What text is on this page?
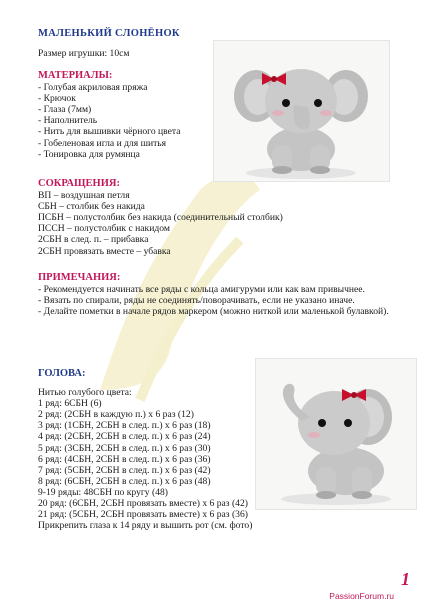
МАЛЕНЬКИЙ СЛОНЁНОК
Размер игрушки: 10см
МАТЕРИАЛЫ:
- Голубая акриловая пряжа
- Крючок
- Глаза (7мм)
- Наполнитель
- Нить для вышивки чёрного цвета
- Гобеленовая игла и для шитья
- Тонировка для румянца
СОКРАЩЕНИЯ:
ВП – воздушная петля
СБН – столбик без накида
ПСБН – полустолбик без накида (соединительный столбик)
ПССН – полустолбик с накидом
2СБН в след. п. – прибавка
2СБН провязать вместе – убавка
ПРИМЕЧАНИЯ:
- Рекомендуется начинать все ряды с кольца амигуруми или как вам привычнее.
- Вязать по спирали, ряды не соединять/поворачивать, если не указано иначе.
- Делайте пометки в начале рядов маркером (можно ниткой или маленькой булавкой).
ГОЛОВА:
Нитью голубого цвета:
1 ряд: 6СБН (6)
2 ряд: (2СБН в каждую п.) х 6 раз (12)
3 ряд: (1СБН, 2СБН в след. п.) х 6 раз (18)
4 ряд: (2СБН, 2СБН в след. п.) х 6 раз (24)
5 ряд: (3СБН, 2СБН в след. п.) х 6 раз (30)
6 ряд: (4СБН, 2СБН в след. п.) х 6 раз (36)
7 ряд: (5СБН, 2СБН в след. п.) х 6 раз (42)
8 ряд: (6СБН, 2СБН в след. п.) х 6 раз (48)
9-19 ряды: 48СБН по кругу (48)
20 ряд: (6СБН, 2СБН провязать вместе) х 6 раз (42)
21 ряд: (5СБН, 2СБН провязать вместе) х 6 раз (36)
Прикрепить глаза к 14 ряду и вышить рот (см. фото)
1
PassionForum.ru
